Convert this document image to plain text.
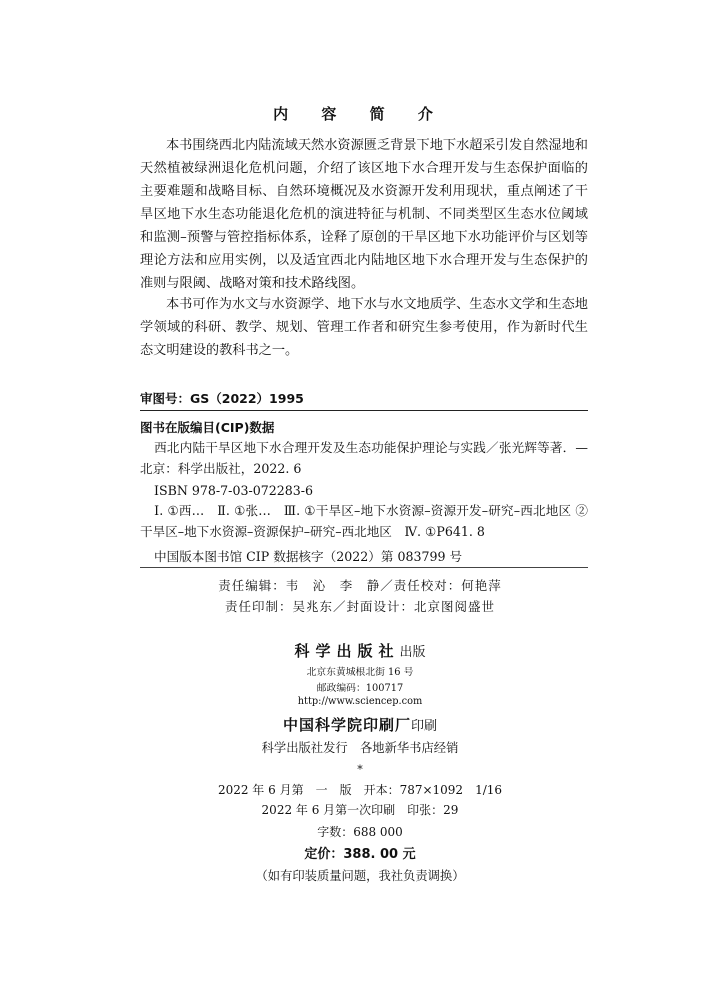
内 容 简 介
本书围绕西北内陆流域天然水资源匮乏背景下地下水超采引发自然湿地和天然植被绿洲退化危机问题，介绍了该区地下水合理开发与生态保护面临的主要难题和战略目标、自然环境概况及水资源开发利用现状，重点阐述了干旱区地下水生态功能退化危机的演进特征与机制、不同类型区生态水位阈域和监测–预警与管控指标体系，诠释了原创的干旱区地下水功能评价与区划等理论方法和应用实例，以及适宜西北内陆地区地下水合理开发与生态保护的准则与限阈、战略对策和技术路线图。
本书可作为水文与水资源学、地下水与水文地质学、生态水文学和生态地学领域的科研、教学、规划、管理工作者和研究生参考使用，作为新时代生态文明建设的教科书之一。
审图号：GS（2022）1995
图书在版编目(CIP)数据
西北内陆干旱区地下水合理开发及生态功能保护理论与实践／张光辉等著．—北京：科学出版社，2022. 6
ISBN 978-7-03-072283-6
Ⅰ. ①西…　Ⅱ. ①张…　Ⅲ. ①干旱区–地下水资源–资源开发–研究–西北地区 ②干旱区–地下水资源–资源保护–研究–西北地区　Ⅳ. ①P641. 8
中国版本图书馆 CIP 数据核字（2022）第 083799 号
责任编辑：韦　沁　李　静／责任校对：何艳萍
责任印制：吴兆东／封面设计：北京图阅盛世
科学出版社出版
北京东黄城根北街 16 号
邮政编码：100717
http://www.sciencep.com
中国科学院印刷厂印刷
科学出版社发行　各地新华书店经销
*
2022 年 6 月第　一　版　开本：787×1092　1/16
2022 年 6 月第一次印刷　印张：29
字数：688 000
定价：388. 00 元
（如有印装质量问题，我社负责调换）
